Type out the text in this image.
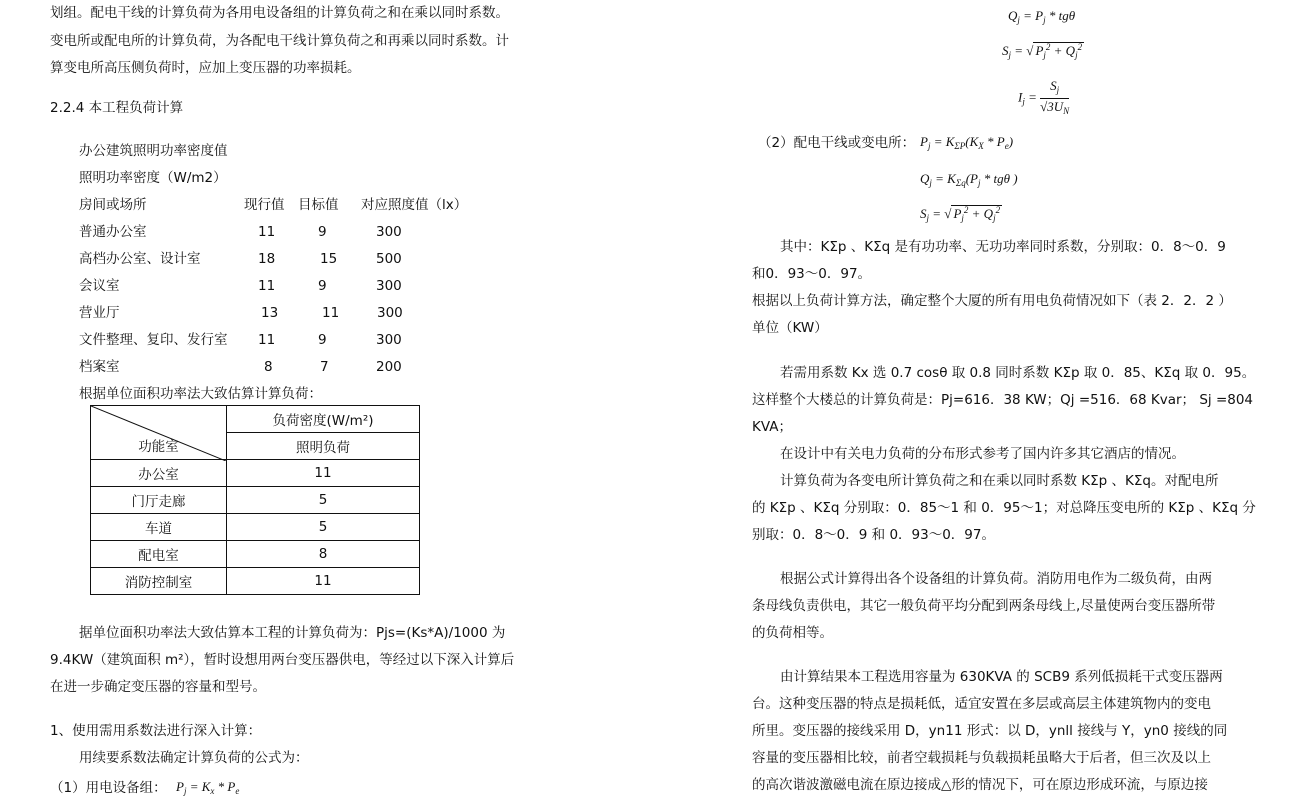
划组。配电干线的计算负荷为各用电设备组的计算负荷之和在乘以同时系数。
变电所或配电所的计算负荷，为各配电干线计算负荷之和再乘以同时系数。计
算变电所高压侧负荷时，应加上变压器的功率损耗。
2.2.4 本工程负荷计算
办公建筑照明功率密度值
照明功率密度（W/m2）
房间或场所	现行值 目标值 对应照度值（lx）
普通办公室	11	9	300
高档办公室、设计室	18	15	500
会议室	11	9	300
营业厅	13	11	300
文件整理、复印、发行室 11	9	300
档案室	8	7	200
根据单位面积功率法大致估算计算负荷：
功能室	负荷密度(W/m²)
	照明负荷
办公室	11
门厅走廊	5
车道	5
配电室	8
消防控制室	11
据单位面积功率法大致估算本工程的计算负荷为：Pjs=(Ks*A)/1000 为
9.4KW（建筑面积 m²），暂时设想用两台变压器供电，等经过以下深入计算后
在进一步确定变压器的容量和型号。
1、使用需用系数法进行深入计算：
用续要系数法确定计算负荷的公式为：
（1）用电设备组： $P_j = K_x * P_e$
$Q_j = P_j * tg\theta$
$S_j$ = √ $P_j^2 + Q_j^2$
$I_j = \frac{S_j}{√3U_N}$
（2）配电干线或变电所： $P_j = K_{\Sigma P}(K_X * P_e)$
$Q_j = K_{\Sigma q}(P_j * tg\theta$ )
$S_j$ = √ $P_j^2 + Q_j^2$
其中：KΣp 、KΣq 是有功功率、无功功率同时系数，分别取：0．8～0．9
和0．93～0．97。
根据以上负荷计算方法，确定整个大厦的所有用电负荷情况如下（表 2．2．2 ）
单位（KW）
若需用系数 Kx 选 0.7 cosθ 取 0.8 同时系数 KΣp 取 0．85、KΣq 取 0．95。
这样整个大楼总的计算负荷是：Pj=616．38 KW；Qj =516．68 Kvar； Sj =804
KVA；
在设计中有关电力负荷的分布形式参考了国内许多其它酒店的情况。
计算负荷为各变电所计算负荷之和在乘以同时系数 KΣp 、KΣq。对配电所
的 KΣp 、KΣq 分别取：0．85～1 和 0．95～1；对总降压变电所的 KΣp 、KΣq 分
别取：0．8～0．9 和 0．93～0．97。
根据公式计算得出各个设备组的计算负荷。消防用电作为二级负荷，由两
条母线负责供电，其它一般负荷平均分配到两条母线上,尽量使两台变压器所带
的负荷相等。
由计算结果本工程选用容量为 630KVA 的 SCB9 系列低损耗干式变压器两
台。这种变压器的特点是损耗低，适宜安置在多层或高层主体建筑物内的变电
所里。变压器的接线采用 D，yn11 形式：以 D，ynll 接线与 Y，yn0 接线的同
容量的变压器相比较，前者空载损耗与负载损耗虽略大于后者，但三次及以上
的高次谐波激磁电流在原边接成△形的情况下，可在原边形成环流，与原边接
